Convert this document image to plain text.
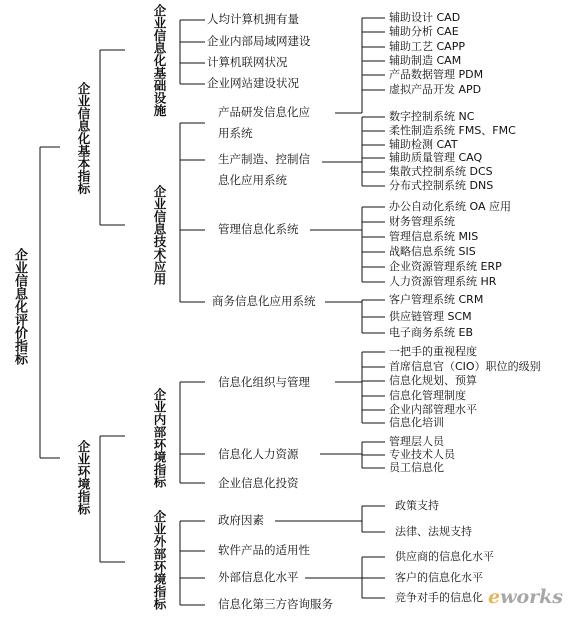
企业信息化评价指标
企业信息化基本指标
企业信息化基础设施	人均计算机拥有量
企业内部局域网建设
计算机联网状况
企业网站建设状况
企业信息技术应用
产品研发信息化应
用系统
辅助设计 CAD
辅助分析 CAE
辅助工艺 CAPP
辅助制造 CAM
产品数据管理 PDM
虚拟产品开发 APD
生产制造、控制信
息化应用系统
数字控制系统 NC
柔性制造系统 FMS、FMC
辅助检测 CAT
辅助质量管理 CAQ
集散式控制系统 DCS
分布式控制系统 DNS
管理信息化系统
办公自动化系统 OA 应用
财务管理系统
管理信息系统 MIS
战略信息系统 SIS
企业资源管理系统 ERP
人力资源管理系统 HR
商务信息化应用系统	客户管理系统 CRM
供应链管理 SCM
电子商务系统 EB
企业环境指标	企业内部环境指标
信息化组织与管理
一把手的重视程度
首席信息官（CIO）职位的级别
信息化规划、预算
信息化管理制度
企业内部管理水平
信息化培训
信息化人力资源
管理层人员
专业技术人员
员工信息化
企业信息化投资
企业外部环境指标	政府因素
政策支持
法律、法规支持
软件产品的适用性
外部信息化水平
供应商的信息化水平
客户的信息化水平
竞争对手的信息化
信息化第三方咨询服务	eworks
